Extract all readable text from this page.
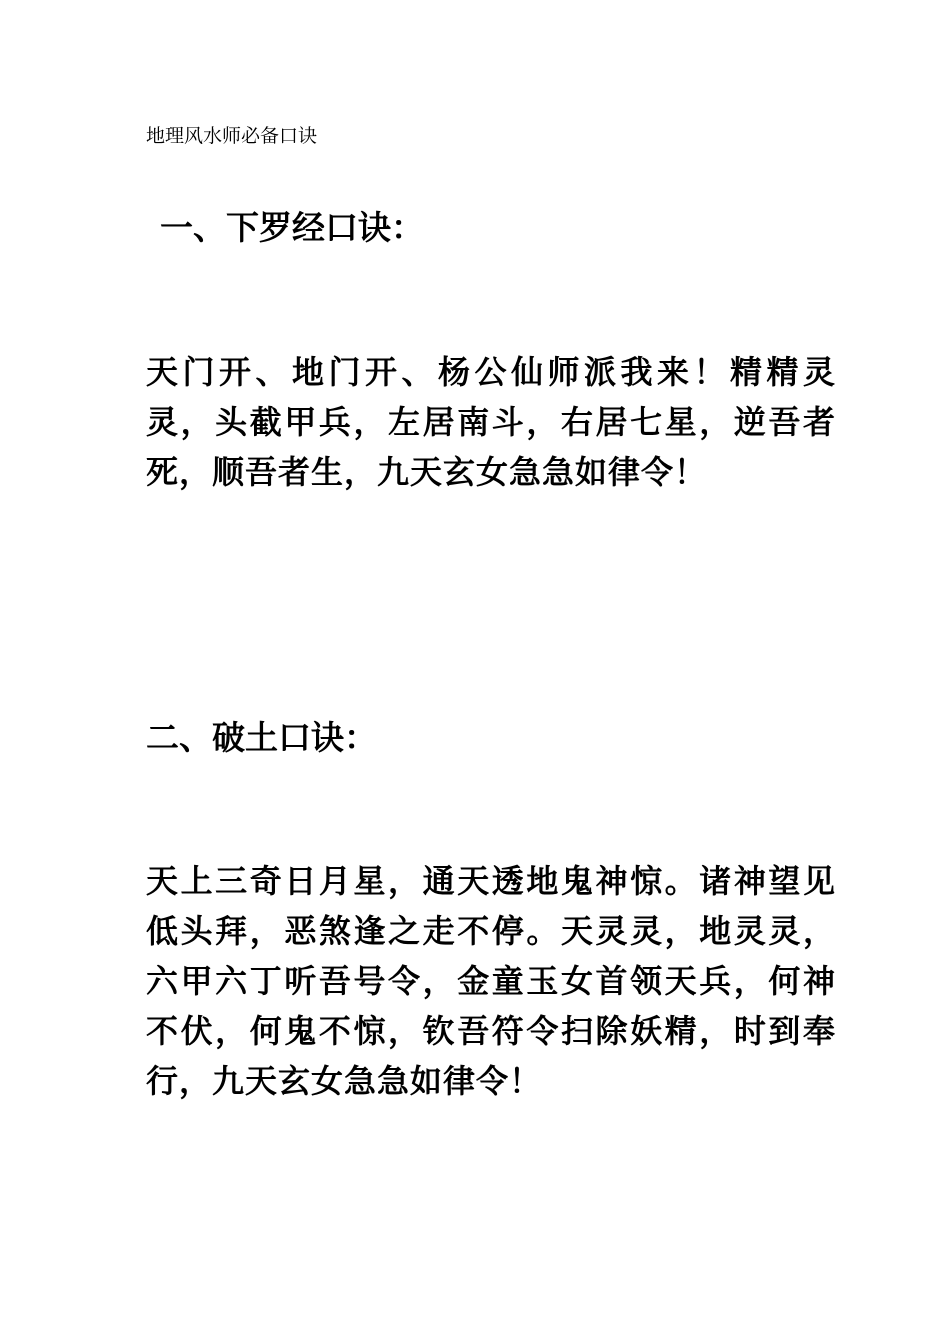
地理风水师必备口诀
一、下罗经口诀：
天门开、地门开、杨公仙师派我来！精精灵灵，头截甲兵，左居南斗，右居七星，逆吾者死，顺吾者生，九天玄女急急如律令！
二、破土口诀：
天上三奇日月星，通天透地鬼神惊。诸神望见低头拜，恶煞逢之走不停。天灵灵，地灵灵，六甲六丁听吾号令，金童玉女首领天兵，何神不伏，何鬼不惊，钦吾符令扫除妖精，时到奉行，九天玄女急急如律令！
